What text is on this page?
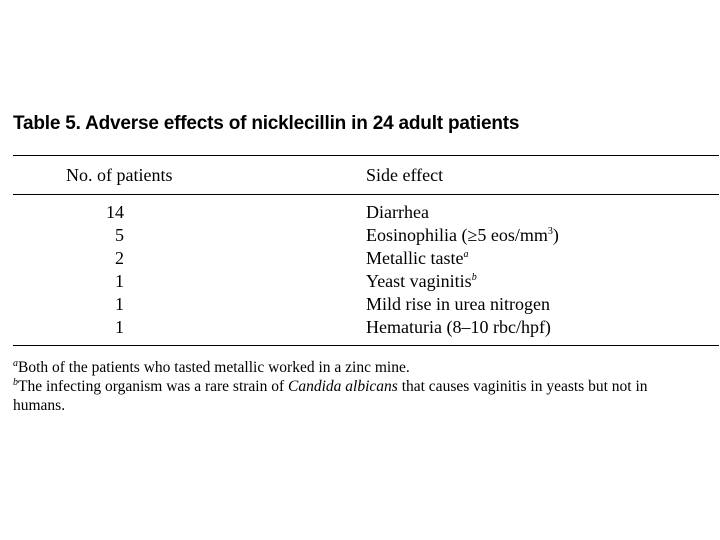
Table 5. Adverse effects of nicklecillin in 24 adult patients
No. of patients	Side effect
14	Diarrhea
5	Eosinophilia (≥5 eos/$mm^3$)
2	Metallic taste$^a$
1	Yeast vaginitis$^b$
1	Mild rise in urea nitrogen
1	Hematuria (8–10 rbc/hpf)

$^a$Both of the patients who tasted metallic worked in a zinc mine.

$^b$The infecting organism was a rare strain of Candida albicans that causes vaginitis in yeasts but not in humans.
